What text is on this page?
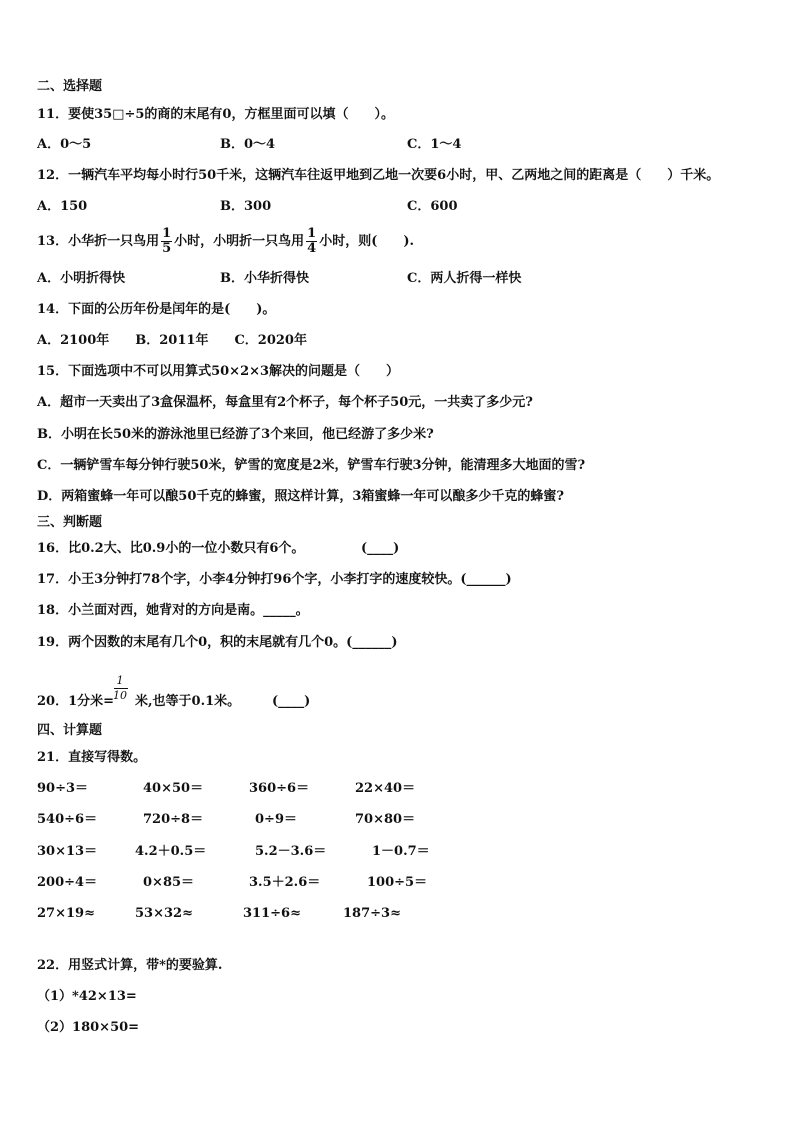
二、选择题
11．要使35□÷5的商的末尾有0，方框里面可以填（　　）。
A．0～5	B．0～4	C．1～4
12．一辆汽车平均每小时行50千米，这辆汽车往返甲地到乙地一次要6小时，甲、乙两地之间的距离是（　　）千米。
A．150	B．300	C．600
13．小华折一只鸟用 $\frac{1}{5}$ 小时，小明折一只鸟用 $\frac{1}{4}$ 小时，则(　　).
A．小明折得快	B．小华折得快	C．两人折得一样快
14．下面的公历年份是闰年的是(　　)。
A．2100年　　B．2011年　　C．2020年
15．下面选项中不可以用算式50×2×3解决的问题是（　　）
A．超市一天卖出了3盒保温杯，每盒里有2个杯子，每个杯子50元，一共卖了多少元?
B．小明在长50米的游泳池里已经游了3个来回，他已经游了多少米?
C．一辆铲雪车每分钟行驶50米，铲雪的宽度是2米，铲雪车行驶3分钟，能清理多大地面的雪?
D．两箱蜜蜂一年可以酿50千克的蜂蜜，照这样计算，3箱蜜蜂一年可以酿多少千克的蜂蜜?
三、判断题
16．比0.2大、比0.9小的一位小数只有6个。	(____)
17．小王3分钟打78个字，小李4分钟打96个字，小李打字的速度较快。(______)
18．小兰面对西，她背对的方向是南。_____。
19．两个因数的末尾有几个0，积的末尾就有几个0。(______)
20．1分米= 米,也等于0.1米。
1
10	(____)
四、计算题
21．直接写得数。
90÷3＝	40×50＝	360÷6＝	22×40＝
540÷6＝	720÷8＝	0÷9＝	70×80＝
30×13＝	4.2＋0.5＝	5.2－3.6＝	1－0.7＝
200÷4＝	0×85＝	3.5＋2.6＝	100÷5＝
27×19≈	53×32≈	311÷6≈	187÷3≈
22．用竖式计算，带*的要验算.
（1）*42×13=
（2）180×50=
